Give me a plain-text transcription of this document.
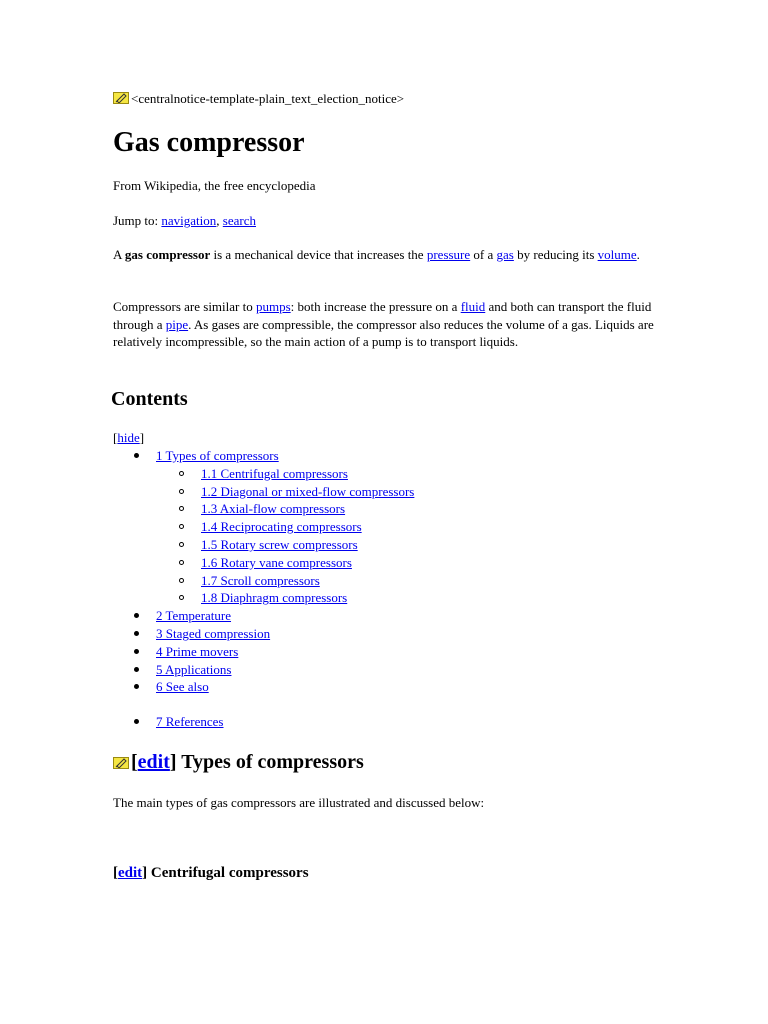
<centralnotice-template-plain_text_election_notice>
Gas compressor
From Wikipedia, the free encyclopedia
Jump to: navigation, search

A gas compressor is a mechanical device that increases the pressure of a gas by reducing its volume.

Compressors are similar to pumps: both increase the pressure on a fluid and both can transport the fluid through a pipe. As gases are compressible, the compressor also reduces the volume of a gas. Liquids are relatively incompressible, so the main action of a pump is to transport liquids.

Contents
[hide]
1 Types of compressors
1.1 Centrifugal compressors
1.2 Diagonal or mixed-flow compressors
1.3 Axial-flow compressors
1.4 Reciprocating compressors
1.5 Rotary screw compressors
1.6 Rotary vane compressors
1.7 Scroll compressors
1.8 Diaphragm compressors
2 Temperature
3 Staged compression
4 Prime movers
5 Applications
6 See also
7 References
[edit] Types of compressors
The main types of gas compressors are illustrated and discussed below:
[edit] Centrifugal compressors
